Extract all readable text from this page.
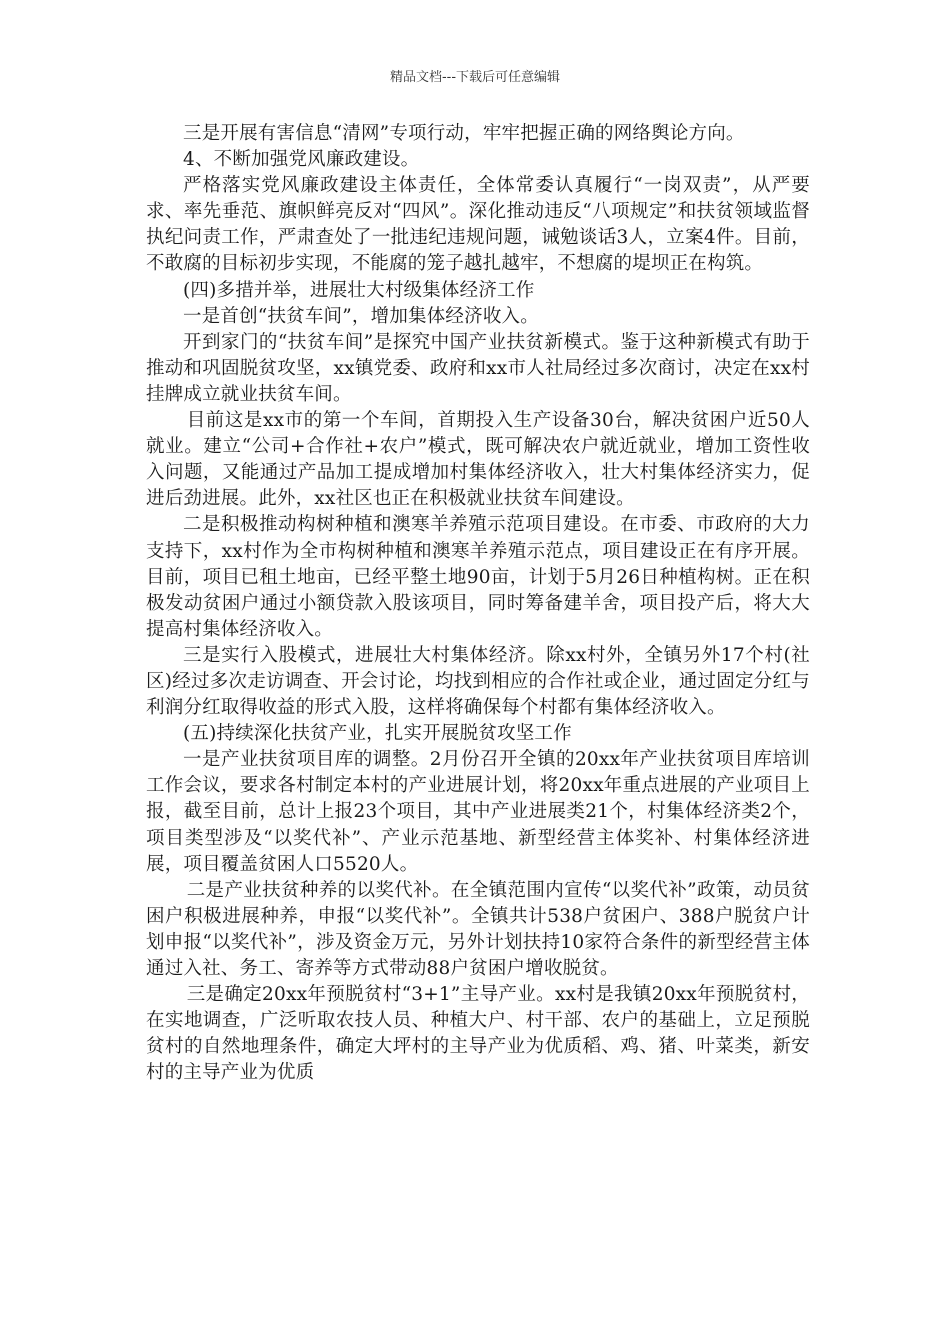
精品文档---下载后可任意编辑

三是开展有害信息“清网”专项行动，牢牢把握正确的网络舆论方向。

4、不断加强党风廉政建设。

严格落实党风廉政建设主体责任，全体常委认真履行“一岗双责”，从严要求、率先垂范、旗帜鲜亮反对“四风”。深化推动违反“八项规定”和扶贫领域监督执纪问责工作，严肃查处了一批违纪违规问题，诫勉谈话3人，立案4件。目前，不敢腐的目标初步实现，不能腐的笼子越扎越牢，不想腐的堤坝正在构筑。

(四)多措并举，进展壮大村级集体经济工作

一是首创“扶贫车间”，增加集体经济收入。

开到家门的“扶贫车间”是探究中国产业扶贫新模式。鉴于这种新模式有助于推动和巩固脱贫攻坚，xx镇党委、政府和xx市人社局经过多次商讨，决定在xx村挂牌成立就业扶贫车间。

目前这是xx市的第一个车间，首期投入生产设备30台，解决贫困户近50人就业。建立“公司+合作社+农户”模式，既可解决农户就近就业，增加工资性收入问题，又能通过产品加工提成增加村集体经济收入，壮大村集体经济实力，促进后劲进展。此外，xx社区也正在积极就业扶贫车间建设。

二是积极推动构树种植和澳寒羊养殖示范项目建设。在市委、市政府的大力支持下，xx村作为全市构树种植和澳寒羊养殖示范点，项目建设正在有序开展。目前，项目已租土地亩，已经平整土地90亩，计划于5月26日种植构树。正在积极发动贫困户通过小额贷款入股该项目，同时筹备建羊舍，项目投产后，将大大提高村集体经济收入。

三是实行入股模式，进展壮大村集体经济。除xx村外，全镇另外17个村(社区)经过多次走访调查、开会讨论，均找到相应的合作社或企业，通过固定分红与利润分红取得收益的形式入股，这样将确保每个村都有集体经济收入。

(五)持续深化扶贫产业，扎实开展脱贫攻坚工作

一是产业扶贫项目库的调整。2月份召开全镇的20xx年产业扶贫项目库培训工作会议，要求各村制定本村的产业进展计划，将20xx年重点进展的产业项目上报，截至目前，总计上报23个项目，其中产业进展类21个，村集体经济类2个，项目类型涉及“以奖代补”、产业示范基地、新型经营主体奖补、村集体经济进展，项目覆盖贫困人口5520人。

二是产业扶贫种养的以奖代补。在全镇范围内宣传“以奖代补”政策，动员贫困户积极进展种养，申报“以奖代补”。全镇共计538户贫困户、388户脱贫户计划申报“以奖代补”，涉及资金万元，另外计划扶持10家符合条件的新型经营主体通过入社、务工、寄养等方式带动88户贫困户增收脱贫。

三是确定20xx年预脱贫村“3+1”主导产业。xx村是我镇20xx年预脱贫村，在实地调查，广泛听取农技人员、种植大户、村干部、农户的基础上，立足预脱贫村的自然地理条件，确定大坪村的主导产业为优质稻、鸡、猪、叶菜类，新安村的主导产业为优质
